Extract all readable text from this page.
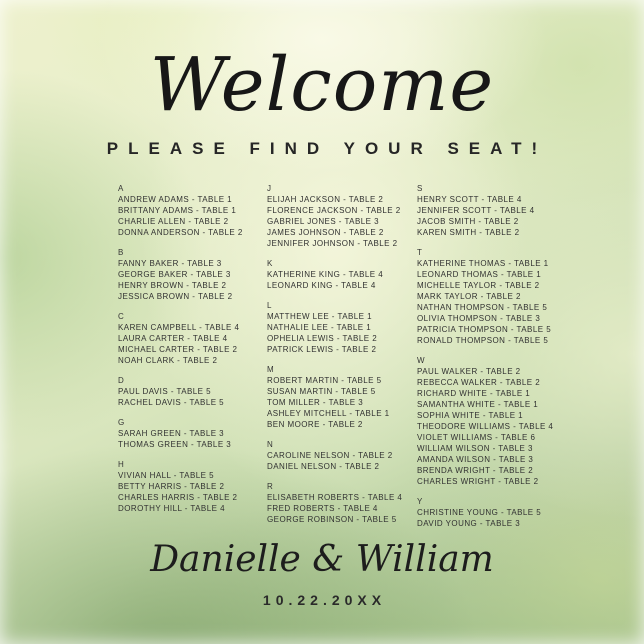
Welcome
PLEASE FIND YOUR SEAT!
A
ANDREW ADAMS - TABLE 1
BRITTANY ADAMS - TABLE 1
CHARLIE ALLEN - TABLE 2
DONNA ANDERSON - TABLE 2
B
FANNY BAKER - TABLE 3
GEORGE BAKER - TABLE 3
HENRY BROWN - TABLE 2
JESSICA BROWN - TABLE 2
C
KAREN CAMPBELL - TABLE 4
LAURA CARTER - TABLE 4
MICHAEL CARTER - TABLE 2
NOAH CLARK - TABLE 2
D
PAUL DAVIS - TABLE 5
RACHEL DAVIS - TABLE 5
G
SARAH GREEN - TABLE 3
THOMAS GREEN - TABLE 3
H
VIVIAN HALL - TABLE 5
BETTY HARRIS - TABLE 2
CHARLES HARRIS - TABLE 2
DOROTHY HILL - TABLE 4
J
ELIJAH JACKSON - TABLE 2
FLORENCE JACKSON - TABLE 2
GABRIEL JONES - TABLE 3
JAMES JOHNSON - TABLE 2
JENNIFER JOHNSON - TABLE 2
K
KATHERINE KING - TABLE 4
LEONARD KING - TABLE 4
L
MATTHEW LEE - TABLE 1
NATHALIE LEE - TABLE 1
OPHELIA LEWIS - TABLE 2
PATRICK LEWIS - TABLE 2
M
ROBERT MARTIN - TABLE 5
SUSAN MARTIN - TABLE 5
TOM MILLER - TABLE 3
ASHLEY MITCHELL - TABLE 1
BEN MOORE - TABLE 2
N
CAROLINE NELSON - TABLE 2
DANIEL NELSON - TABLE 2
R
ELISABETH ROBERTS - TABLE 4
FRED ROBERTS - TABLE 4
GEORGE ROBINSON - TABLE 5
S
HENRY SCOTT - TABLE 4
JENNIFER SCOTT - TABLE 4
JACOB SMITH - TABLE 2
KAREN SMITH - TABLE 2
T
KATHERINE THOMAS - TABLE 1
LEONARD THOMAS - TABLE 1
MICHELLE TAYLOR - TABLE 2
MARK TAYLOR - TABLE 2
NATHAN THOMPSON - TABLE 5
OLIVIA THOMPSON - TABLE 3
PATRICIA THOMPSON - TABLE 5
RONALD THOMPSON - TABLE 5
W
PAUL WALKER - TABLE 2
REBECCA WALKER - TABLE 2
RICHARD WHITE - TABLE 1
SAMANTHA WHITE - TABLE 1
SOPHIA WHITE - TABLE 1
THEODORE WILLIAMS - TABLE 4
VIOLET WILLIAMS - TABLE 6
WILLIAM WILSON - TABLE 3
AMANDA WILSON - TABLE 3
BRENDA WRIGHT - TABLE 2
CHARLES WRIGHT - TABLE 2
Y
CHRISTINE YOUNG - TABLE 5
DAVID YOUNG - TABLE 3
Danielle & William
10.22.20XX
